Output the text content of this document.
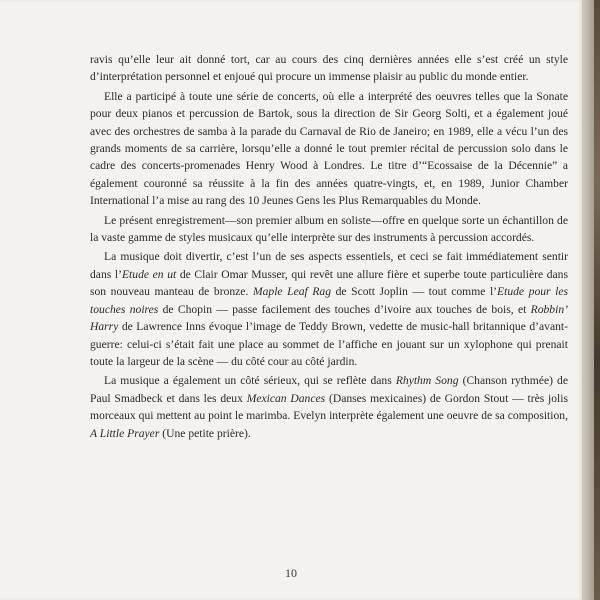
ravis qu’elle leur ait donné tort, car au cours des cinq dernières années elle s’est créé un style d’interprétation personnel et enjoué qui procure un immense plaisir au public du monde entier.

Elle a participé à toute une série de concerts, où elle a interprété des oeuvres telles que la Sonate pour deux pianos et percussion de Bartok, sous la direction de Sir Georg Solti, et a également joué avec des orchestres de samba à la parade du Carnaval de Rio de Janeiro; en 1989, elle a vécu l’un des grands moments de sa carrière, lorsqu’elle a donné le tout premier récital de percussion solo dans le cadre des concerts-promenades Henry Wood à Londres. Le titre d’“Ecossaise de la Décennie” a également couronné sa réussite à la fin des années quatre-vingts, et, en 1989, Junior Chamber International l’a mise au rang des 10 Jeunes Gens les Plus Remarquables du Monde.

Le présent enregistrement—son premier album en soliste—offre en quelque sorte un échantillon de la vaste gamme de styles musicaux qu’elle interprète sur des instruments à percussion accordés.

La musique doit divertir, c’est l’un de ses aspects essentiels, et ceci se fait immédiatement sentir dans l’Etude en ut de Clair Omar Musser, qui revêt une allure fière et superbe toute particulière dans son nouveau manteau de bronze. Maple Leaf Rag de Scott Joplin — tout comme l’Etude pour les touches noires de Chopin — passe facilement des touches d’ivoire aux touches de bois, et Robbin’ Harry de Lawrence Inns évoque l’image de Teddy Brown, vedette de music-hall britannique d’avant-guerre: celui-ci s’était fait une place au sommet de l’affiche en jouant sur un xylophone qui prenait toute la largeur de la scène — du côté cour au côté jardin.

La musique a également un côté sérieux, qui se reflète dans Rhythm Song (Chanson rythmée) de Paul Smadbeck et dans les deux Mexican Dances (Danses mexicaines) de Gordon Stout — très jolis morceaux qui mettent au point le marimba. Evelyn interprète également une oeuvre de sa composition, A Little Prayer (Une petite prière).

10
